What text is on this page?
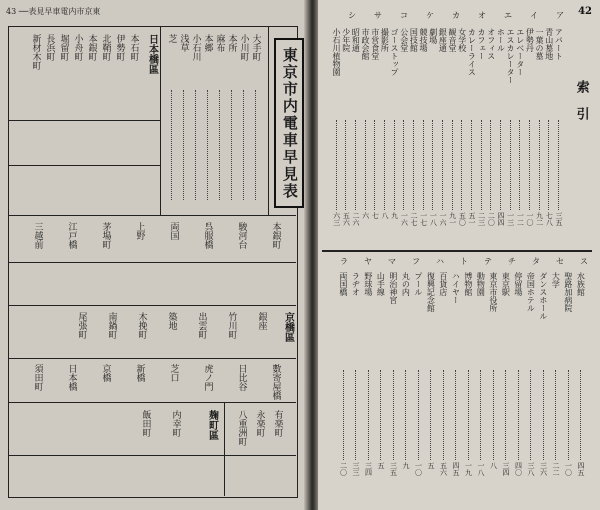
43 ──表見早車電内市京東
日本橋區
本石町
伊勢町
北鞘町
本銀町
小舟町
堀留町
長浜町
新材木町	大手町
小川町
本所
麻布
本郷
小石川
浅草
芝
東京市内電車早見表
本銀町
駿河台
呉服橋
両国
上野
茅場町
江戸橋
三越前
京橋區
銀座
竹川町
出雲町
築地
木挽町
南鍋町
尾張町
數寄屋橋
日比谷
虎ノ門
芝口
新橋
京橋
日本橋
須田町
麹町區	有楽町
永楽町
八重洲町
内幸町
飯田町
42
索引
ア
イ
エ
オ
カ
ケ
コ
サ
シ
ス
セ
タ
チ
テ
ト
ハ
フ
マ
ヤ
ラ
アパート
三五
青山墓地
七八
一葉の墓
九二
伊勢丹
一〇
エレベーター
一二
エスカレーター
一三
ホール
四四
オフィス
二〇
カフェー
二三
カレーライス
五一
女学校
五〇
観音堂
九一
銀座通
一六
劇場
一八
競技場
一七
国技館
二七
公会堂
一六
ゴーストップ
九
撮影所
八
市営食堂
七
市政会館
六
昭和通
二六
少年院
五六
小石川植物園
六三
水族館
四五
聖路加病院
一〇
大学
二二
ダンスホール
三六
帝国ホテル
三八
停留場
四〇
東京駅
三四
東京市役所
八
動物園
一八
博物館
一九
ハイヤー
四五
百貨店
五六
復興記念館
五
プール
一〇
丸の内
九
明治神宮
三五
山手線
五
野球場
三四
ラヂオ
三三
両国橋
二〇
